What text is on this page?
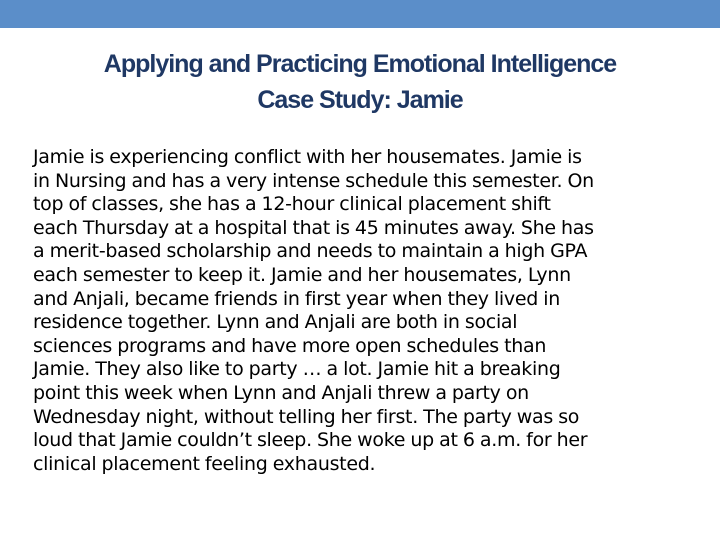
Applying and Practicing Emotional Intelligence
Case Study: Jamie

Jamie is experiencing conflict with her housemates. Jamie is
in Nursing and has a very intense schedule this semester. On
top of classes, she has a 12-hour clinical placement shift
each Thursday at a hospital that is 45 minutes away. She has
a merit-based scholarship and needs to maintain a high GPA
each semester to keep it. Jamie and her housemates, Lynn
and Anjali, became friends in first year when they lived in
residence together. Lynn and Anjali are both in social
sciences programs and have more open schedules than
Jamie. They also like to party … a lot. Jamie hit a breaking
point this week when Lynn and Anjali threw a party on
Wednesday night, without telling her first. The party was so
loud that Jamie couldn’t sleep. She woke up at 6 a.m. for her
clinical placement feeling exhausted.
